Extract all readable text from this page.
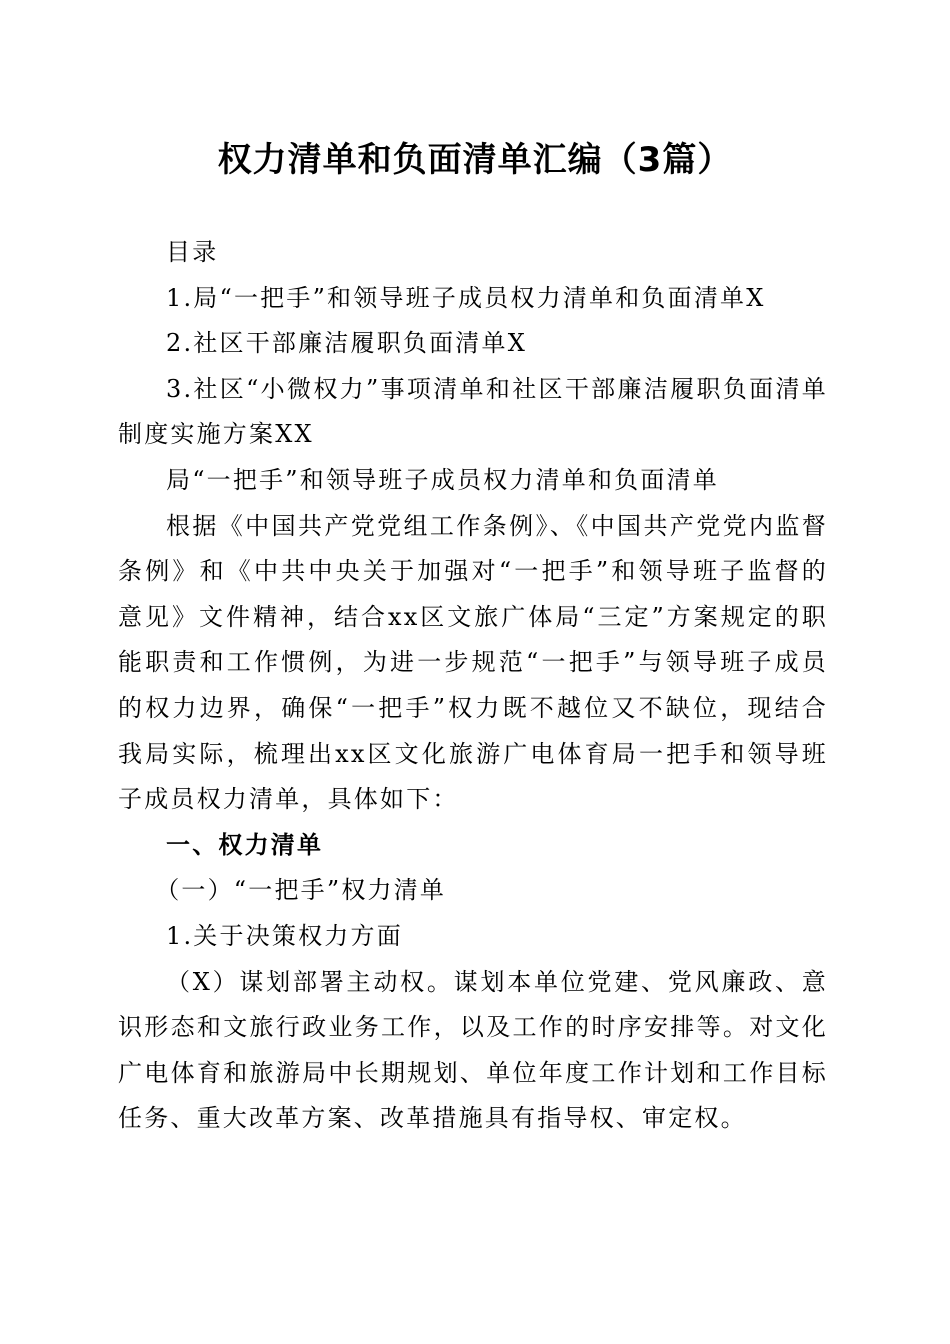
权力清单和负面清单汇编（3篇）

目录

1.局“一把手”和领导班子成员权力清单和负面清单X

2.社区干部廉洁履职负面清单X

3.社区“小微权力”事项清单和社区干部廉洁履职负面清单制度实施方案XX

局“一把手”和领导班子成员权力清单和负面清单

根据《中国共产党党组工作条例》、《中国共产党党内监督条例》和《中共中央关于加强对“一把手”和领导班子监督的意见》文件精神，结合xx区文旅广体局“三定”方案规定的职能职责和工作惯例，为进一步规范“一把手”与领导班子成员的权力边界，确保“一把手”权力既不越位又不缺位，现结合我局实际，梳理出xx区文化旅游广电体育局一把手和领导班子成员权力清单，具体如下：

一、权力清单

（一）“一把手”权力清单

1.关于决策权力方面

（X）谋划部署主动权。谋划本单位党建、党风廉政、意识形态和文旅行政业务工作，以及工作的时序安排等。对文化广电体育和旅游局中长期规划、单位年度工作计划和工作目标任务、重大改革方案、改革措施具有指导权、审定权。
